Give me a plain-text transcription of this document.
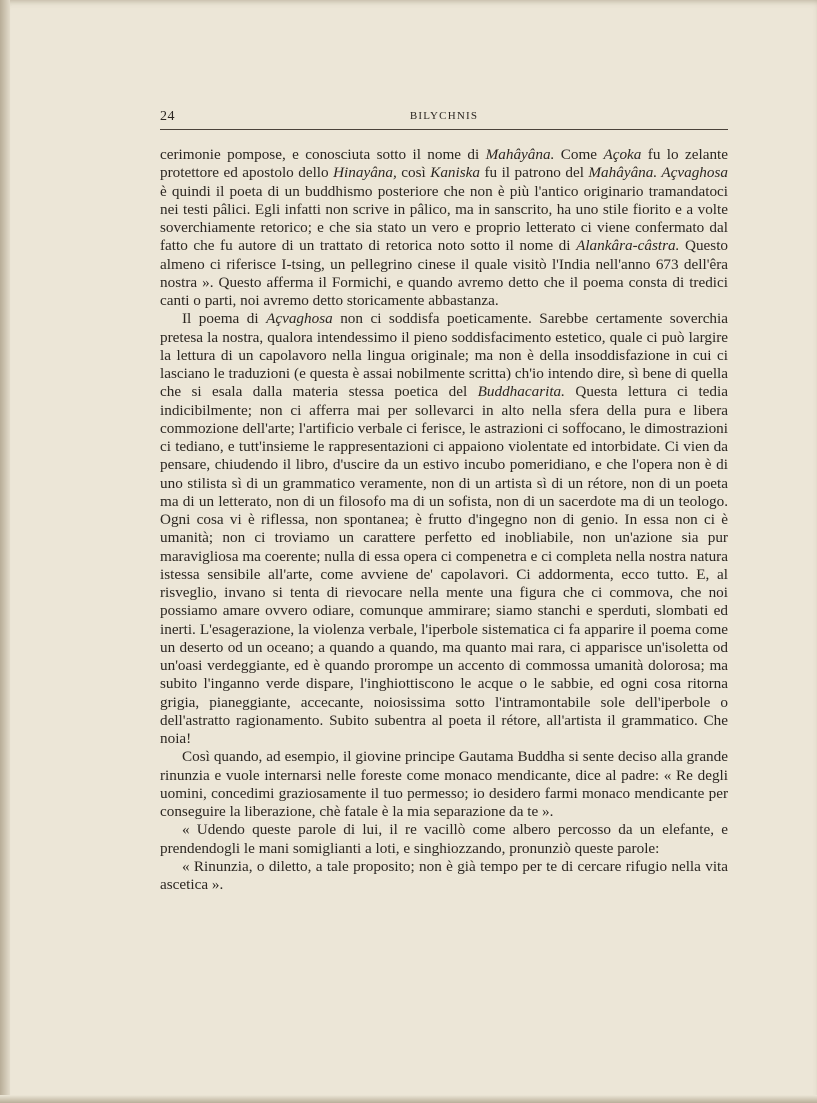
24	BILYCHNIS

cerimonie pompose, e conosciuta sotto il nome di Mahâyâna. Come Açoka fu lo zelante protettore ed apostolo dello Hinayâna, così Kaniska fu il patrono del Mahâyâna. Açvaghosa è quindi il poeta di un buddhismo posteriore che non è più l'antico originario tramandatoci nei testi pâlici. Egli infatti non scrive in pâlico, ma in sanscrito, ha uno stile fiorito e a volte soverchiamente retorico; e che sia stato un vero e proprio letterato ci viene confermato dal fatto che fu autore di un trattato di retorica noto sotto il nome di Alankâra-câstra. Questo almeno ci riferisce I-tsing, un pellegrino cinese il quale visitò l'India nell'anno 673 dell'êra nostra ». Questo afferma il Formichi, e quando avremo detto che il poema consta di tredici canti o parti, noi avremo detto storicamente abbastanza.

Il poema di Açvaghosa non ci soddisfa poeticamente. Sarebbe certamente soverchia pretesa la nostra, qualora intendessimo il pieno soddisfacimento estetico, quale ci può largire la lettura di un capolavoro nella lingua originale; ma non è della insoddisfazione in cui ci lasciano le traduzioni (e questa è assai nobilmente scritta) ch'io intendo dire, sì bene di quella che si esala dalla materia stessa poetica del Buddhacarita. Questa lettura ci tedia indicibilmente; non ci afferra mai per sollevarci in alto nella sfera della pura e libera commozione dell'arte; l'artificio verbale ci ferisce, le astrazioni ci soffocano, le dimostrazioni ci tediano, e tutt'insieme le rappresentazioni ci appaiono violentate ed intorbidate. Ci vien da pensare, chiudendo il libro, d'uscire da un estivo incubo pomeridiano, e che l'opera non è di uno stilista sì di un grammatico veramente, non di un artista sì di un rétore, non di un poeta ma di un letterato, non di un filosofo ma di un sofista, non di un sacerdote ma di un teologo. Ogni cosa vi è riflessa, non spontanea; è frutto d'ingegno non di genio. In essa non ci è umanità; non ci troviamo un carattere perfetto ed inobliabile, non un'azione sia pur maravigliosa ma coerente; nulla di essa opera ci compenetra e ci completa nella nostra natura istessa sensibile all'arte, come avviene de' capolavori. Ci addormenta, ecco tutto. E, al risveglio, invano si tenta di rievocare nella mente una figura che ci commova, che noi possiamo amare ovvero odiare, comunque ammirare; siamo stanchi e sperduti, slombati ed inerti. L'esagerazione, la violenza verbale, l'iperbole sistematica ci fa apparire il poema come un deserto od un oceano; a quando a quando, ma quanto mai rara, ci apparisce un'isoletta od un'oasi verdeggiante, ed è quando prorompe un accento di commossa umanità dolorosa; ma subito l'inganno verde dispare, l'inghiottiscono le acque o le sabbie, ed ogni cosa ritorna grigia, pianeggiante, accecante, noiosissima sotto l'intramontabile sole dell'iperbole o dell'astratto ragionamento. Subito subentra al poeta il rétore, all'artista il grammatico. Che noia!

Così quando, ad esempio, il giovine principe Gautama Buddha si sente deciso alla grande rinunzia e vuole internarsi nelle foreste come monaco mendicante, dice al padre: « Re degli uomini, concedimi graziosamente il tuo permesso; io desidero farmi monaco mendicante per conseguire la liberazione, chè fatale è la mia separazione da te ».

« Udendo queste parole di lui, il re vacillò come albero percosso da un elefante, e prendendogli le mani somiglianti a loti, e singhiozzando, pronunziò queste parole:

« Rinunzia, o diletto, a tale proposito; non è già tempo per te di cercare rifugio nella vita ascetica ».
